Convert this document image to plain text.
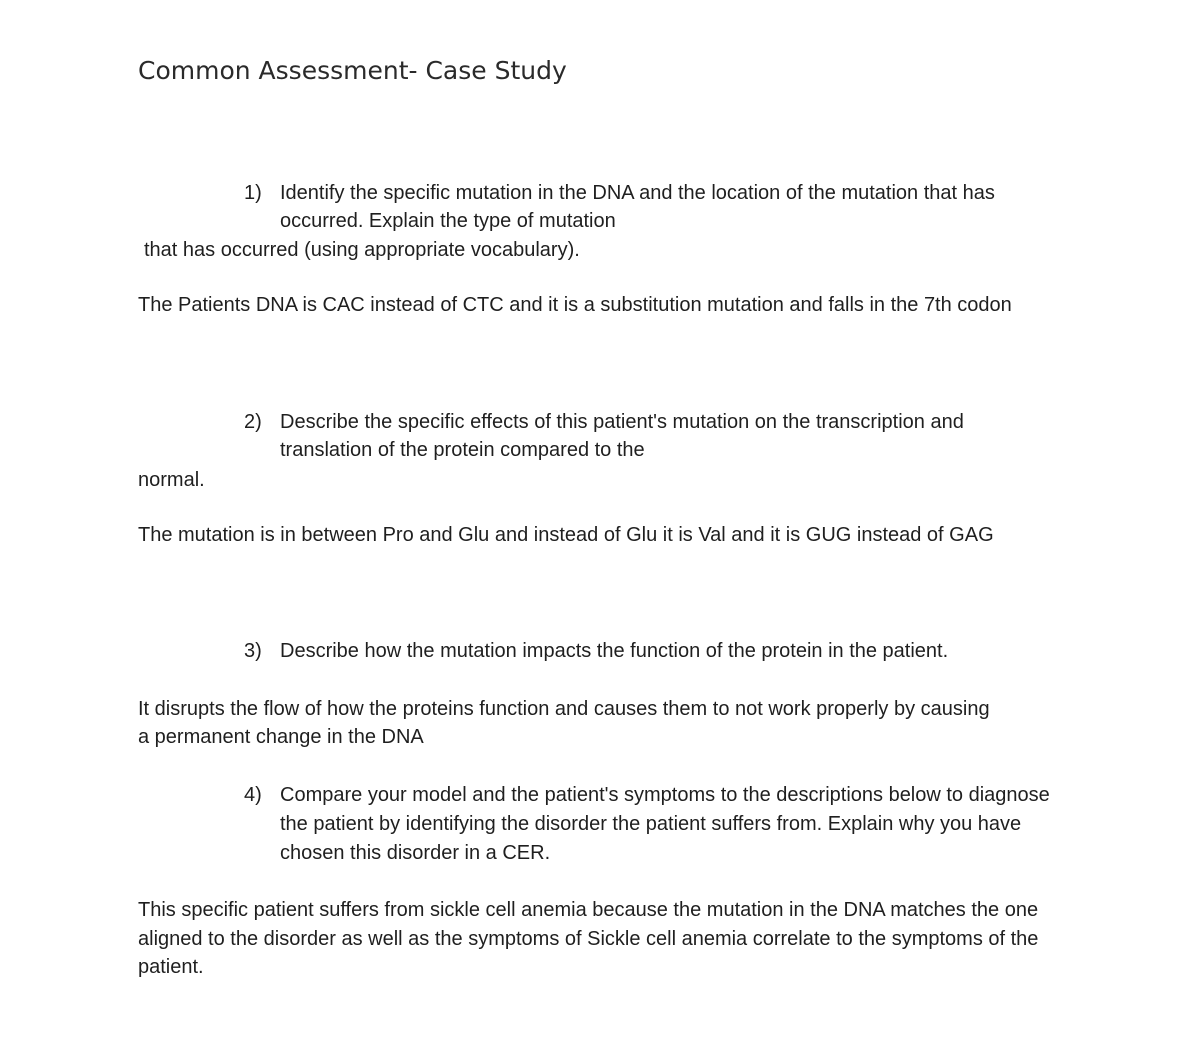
Common Assessment- Case Study
1) Identify the specific mutation in the DNA and the location of the mutation that has occurred. Explain the type of mutation
that has occurred (using appropriate vocabulary).
The Patients DNA is CAC instead of CTC and it is a substitution mutation and falls in the 7th codon
2) Describe the specific effects of this patient's mutation on the transcription and translation of the protein compared to the
normal.
The mutation is in between Pro and Glu and instead of Glu it is Val and it is GUG instead of GAG
3) Describe how the mutation impacts the function of the protein in the patient.
It disrupts the flow of how the proteins function and causes them to not work properly by causing a permanent change in the DNA
4) Compare your model and the patient's symptoms to the descriptions below to diagnose the patient by identifying the disorder the patient suffers from. Explain why you have chosen this disorder in a CER.
This specific patient suffers from sickle cell anemia because the mutation in the DNA matches the one aligned to the disorder as well as the symptoms of Sickle cell anemia correlate to the symptoms of the patient.
